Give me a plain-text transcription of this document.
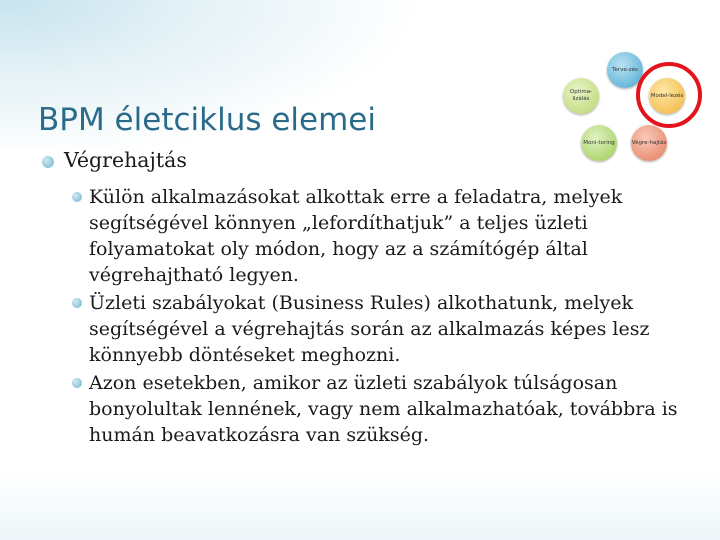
BPM életciklus elemei
Terve-zés
Model-lezés
Végre-hajtás
Moni-toring
Optima-lizálás
Végrehajtás
Külön alkalmazásokat alkottak erre a feladatra, melyek segítségével könnyen „lefordíthatjuk” a teljes üzleti folyamatokat oly módon, hogy az a számítógép által végrehajtható legyen.
Üzleti szabályokat (Business Rules) alkothatunk, melyek segítségével a végrehajtás során az alkalmazás képes lesz könnyebb döntéseket meghozni.
Azon esetekben, amikor az üzleti szabályok túlságosan bonyolultak lennének, vagy nem alkalmazhatóak, továbbra is humán beavatkozásra van szükség.
